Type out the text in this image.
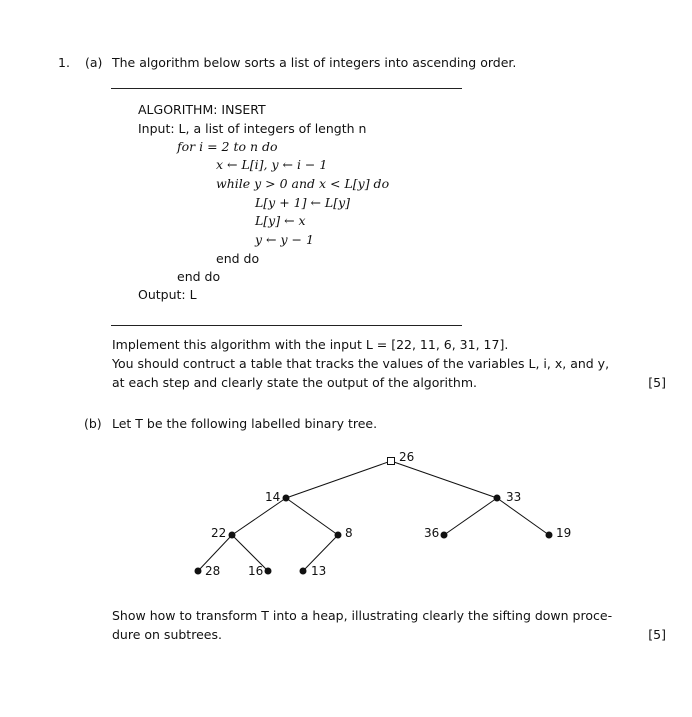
1. (a) The algorithm below sorts a list of integers into ascending order.
ALGORITHM: INSERT
Input: L, a list of integers of length n
for i = 2 to n do
x ← L[i], y ← i − 1
while y > 0 and x < L[y] do
L[y + 1] ← L[y]
L[y] ← x
y ← y − 1
end do
end do
Output: L
Implement this algorithm with the input L = [22, 11, 6, 31, 17].
You should contruct a table that tracks the values of the variables L, i, x, and y,
at each step and clearly state the output of the algorithm.	[5]
(b) Let T be the following labelled binary tree.
26
14	33
22	8	36	19
28 16	13
Show how to transform T into a heap, illustrating clearly the sifting down proce-
dure on subtrees.	[5]
